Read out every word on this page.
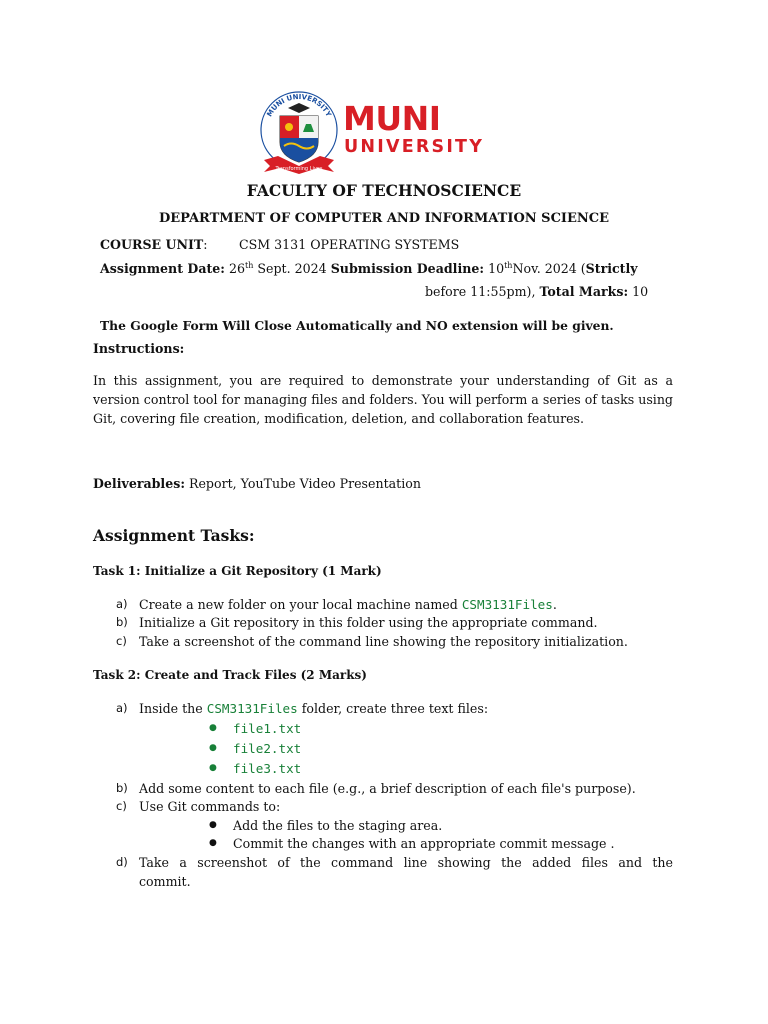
MUNI UNIVERSITY
Transforming Lives
MUNI
UNIVERSITY
FACULTY OF TECHNOSCIENCE
DEPARTMENT OF COMPUTER AND INFORMATION SCIENCE
COURSE UNIT: CSM 3131 OPERATING SYSTEMS
Assignment Date: 26th Sept. 2024 Submission Deadline: 10thNov. 2024 (Strictly
before 11:55pm), Total Marks: 10
The Google Form Will Close Automatically and NO extension will be given.
Instructions:
In this assignment, you are required to demonstrate your understanding of Git as a version control tool for managing files and folders. You will perform a series of tasks using Git, covering file creation, modification, deletion, and collaboration features.
Deliverables: Report, YouTube Video Presentation
Assignment Tasks:
Task 1: Initialize a Git Repository (1 Mark)
a) Create a new folder on your local machine named CSM3131Files.
b) Initialize a Git repository in this folder using the appropriate command.
c) Take a screenshot of the command line showing the repository initialization.
Task 2: Create and Track Files (2 Marks)
a) Inside the CSM3131Files folder, create three text files:
● file1.txt
● file2.txt
● file3.txt
b) Add some content to each file (e.g., a brief description of each file's purpose).
c) Use Git commands to:
● Add the files to the staging area.
● Commit the changes with an appropriate commit message .
d) Take a screenshot of the command line showing the added files and the
commit.
